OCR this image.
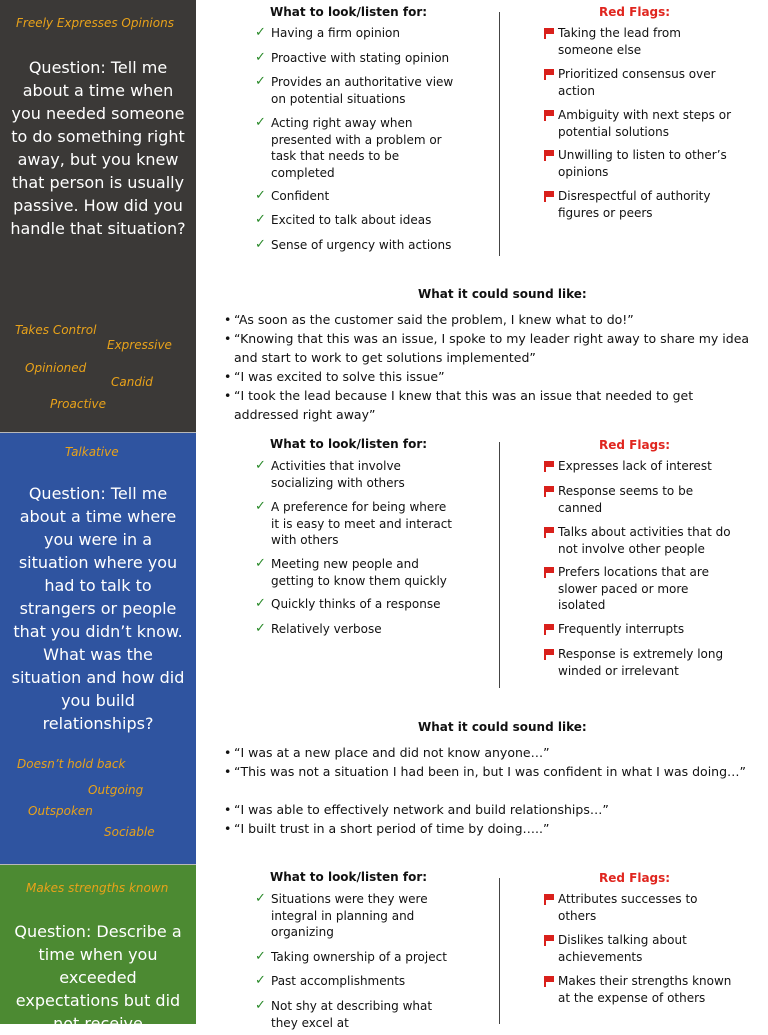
Freely Expresses Opinions
Question: Tell me about a time when you needed someone to do something right away, but you knew that person is usually passive. How did you handle that situation?
Takes Control
Expressive
Opinioned
Candid
Proactive
Talkative
Question: Tell me about a time where you were in a situation where you had to talk to strangers or people that you didn’t know. What was the situation and how did you build relationships?
Doesn’t hold back
Outgoing
Outspoken
Sociable
Makes strengths known
Question: Describe a time when you exceeded expectations but did not receive
What to look/listen for:	Red Flags:
✓ Having a firm opinion
✓ Proactive with stating opinion
✓ Provides an authoritative view on potential situations
✓ Acting right away when presented with a problem or task that needs to be completed
✓ Confident
✓ Excited to talk about ideas
✓ Sense of urgency with actions
Taking the lead from someone else
Prioritized consensus over action
Ambiguity with next steps or potential solutions
Unwilling to listen to other’s opinions
Disrespectful of authority figures or peers
What it could sound like:
• “As soon as the customer said the problem, I knew what to do!”
• “Knowing that this was an issue, I spoke to my leader right away to share my idea and start to work to get solutions implemented”
• “I was excited to solve this issue”
• “I took the lead because I knew that this was an issue that needed to get addressed right away”
What to look/listen for:	Red Flags:
✓ Activities that involve socializing with others
✓ A preference for being where it is easy to meet and interact with others
✓ Meeting new people and getting to know them quickly
✓ Quickly thinks of a response
✓ Relatively verbose
Expresses lack of interest
Response seems to be canned
Talks about activities that do not involve other people
Prefers locations that are slower paced or more isolated
Frequently interrupts
Response is extremely long winded or irrelevant
What it could sound like:
• “I was at a new place and did not know anyone…”
• “This was not a situation I had been in, but I was confident in what I was doing…”
• “I was able to effectively network and build relationships…”
• “I built trust in a short period of time by doing…..”
What to look/listen for:	Red Flags:
✓ Situations were they were integral in planning and organizing
✓ Taking ownership of a project
✓ Past accomplishments
✓ Not shy at describing what they excel at
Attributes successes to others
Dislikes talking about achievements
Makes their strengths known at the expense of others
